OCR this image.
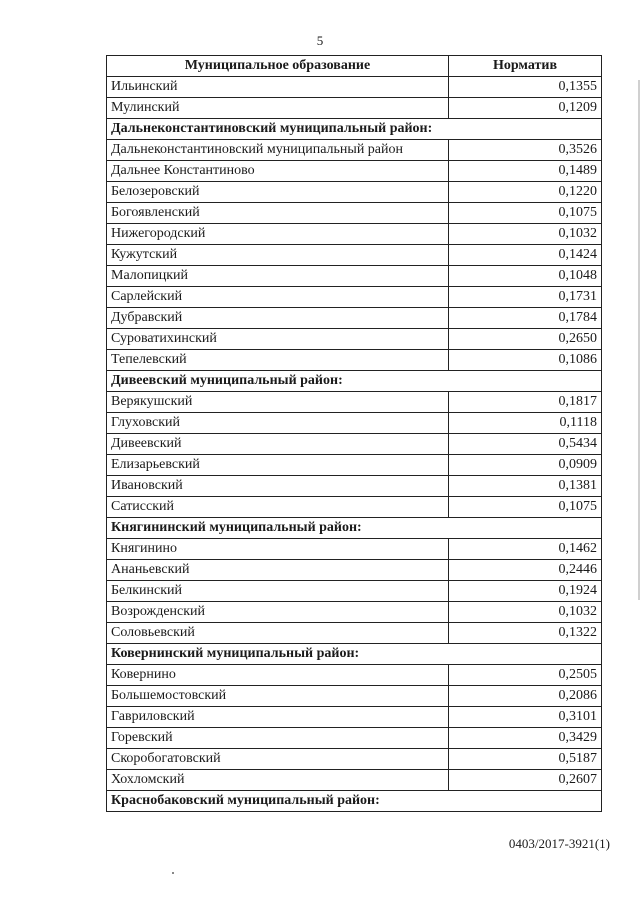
5
Муниципальное образование	Норматив
Ильинский	0,1355
Мулинский	0,1209
Дальнеконстантиновский муниципальный район:	
Дальнеконстантиновский муниципальный район	0,3526
Дальнее Константиново	0,1489
Белозеровский	0,1220
Богоявленский	0,1075
Нижегородский	0,1032
Кужутский	0,1424
Малопицкий	0,1048
Сарлейский	0,1731
Дубравский	0,1784
Суроватихинский	0,2650
Тепелевский	0,1086
Дивеевский муниципальный район:	
Верякушский	0,1817
Глуховский	0,1118
Дивеевский	0,5434
Елизарьевский	0,0909
Ивановский	0,1381
Сатисский	0,1075
Княгининский муниципальный район:	
Княгинино	0,1462
Ананьевский	0,2446
Белкинский	0,1924
Возрожденский	0,1032
Соловьевский	0,1322
Ковернинский муниципальный район:	
Ковернино	0,2505
Большемостовский	0,2086
Гавриловский	0,3101
Горевский	0,3429
Скоробогатовский	0,5187
Хохломский	0,2607
Краснобаковский муниципальный район:	
0403/2017-3921(1)
